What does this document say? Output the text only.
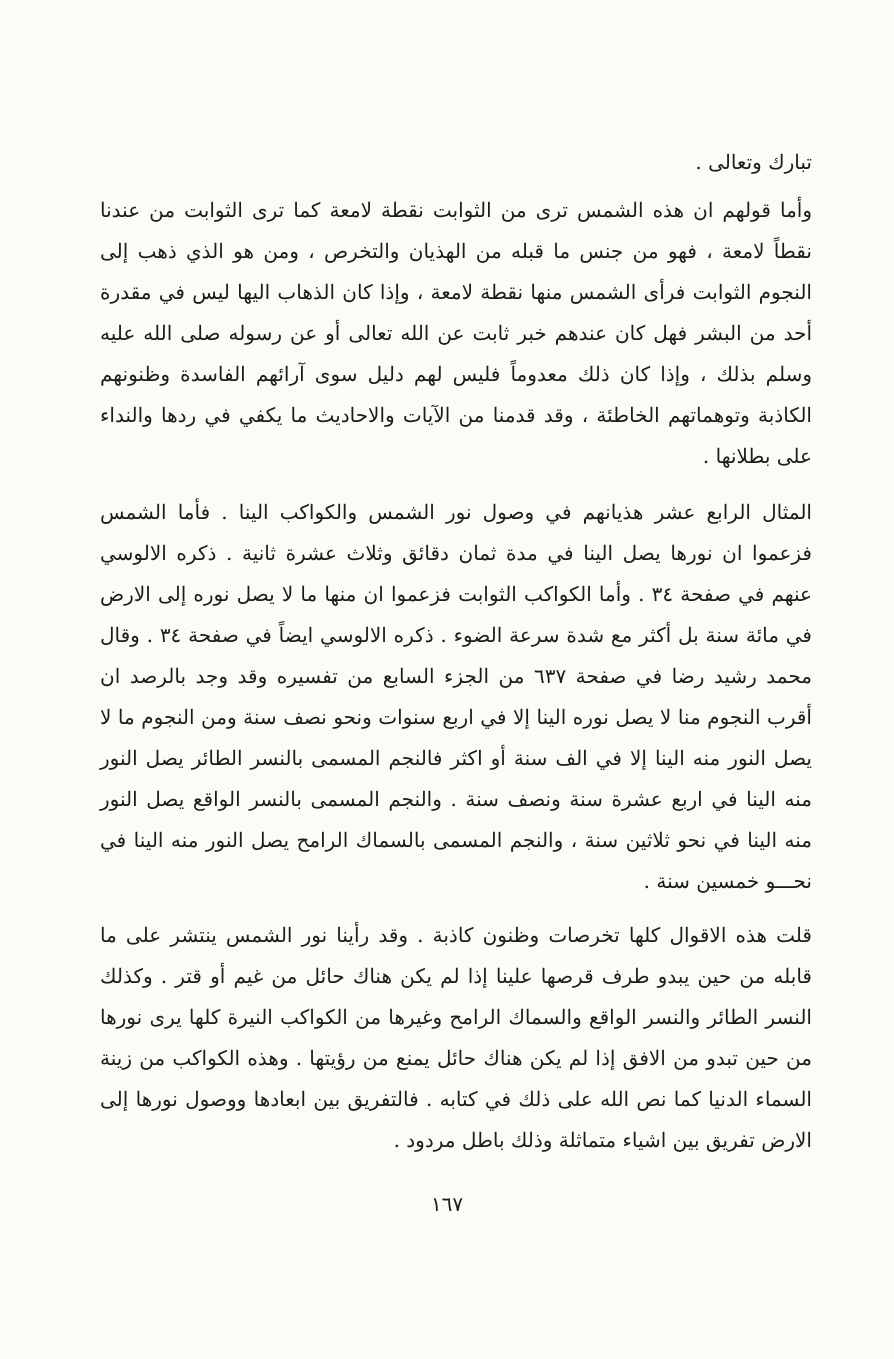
تبارك وتعالى .

وأما قولهم ان هذه الشمس ترى من الثوابت نقطة لامعة كما ترى الثوابت من عندنا نقطاً لامعة ، فهو من جنس ما قبله من الهذيان والتخرص ، ومن هو الذي ذهب إلى النجوم الثوابت فرأى الشمس منها نقطة لامعة ، وإذا كان الذهاب اليها ليس في مقدرة أحد من البشر فهل كان عندهم خبر ثابت عن الله تعالى أو عن رسوله صلى الله عليه وسلم بذلك ، وإذا كان ذلك معدوماً فليس لهم دليل سوى آرائهم الفاسدة وظنونهم الكاذبة وتوهماتهم الخاطئة ، وقد قدمنا من الآيات والاحاديث ما يكفي في ردها والنداء على بطلانها .

المثال الرابع عشر هذيانهم في وصول نور الشمس والكواكب الينا . فأما الشمس فزعموا ان نورها يصل الينا في مدة ثمان دقائق وثلاث عشرة ثانية . ذكره الالوسي عنهم في صفحة ٣٤ . وأما الكواكب الثوابت فزعموا ان منها ما لا يصل نوره إلى الارض في مائة سنة بل أكثر مع شدة سرعة الضوء . ذكره الالوسي ايضاً في صفحة ٣٤ . وقال محمد رشيد رضا في صفحة ٦٣٧ من الجزء السابع من تفسيره وقد وجد بالرصد ان أقرب النجوم منا لا يصل نوره الينا إلا في اربع سنوات ونحو نصف سنة ومن النجوم ما لا يصل النور منه الينا إلا في الف سنة أو اكثر فالنجم المسمى بالنسر الطائر يصل النور منه الينا في اربع عشرة سنة ونصف سنة . والنجم المسمى بالنسر الواقع يصل النور منه الينا في نحو ثلاثين سنة ، والنجم المسمى بالسماك الرامح يصل النور منه الينا في نحـــو خمسين سنة .

قلت هذه الاقوال كلها تخرصات وظنون كاذبة . وقد رأينا نور الشمس ينتشر على ما قابله من حين يبدو طرف قرصها علينا إذا لم يكن هناك حائل من غيم أو قتر . وكذلك النسر الطائر والنسر الواقع والسماك الرامح وغيرها من الكواكب النيرة كلها يرى نورها من حين تبدو من الافق إذا لم يكن هناك حائل يمنع من رؤيتها . وهذه الكواكب من زينة السماء الدنيا كما نص الله على ذلك في كتابه . فالتفريق بين ابعادها ووصول نورها إلى الارض تفريق بين اشياء متماثلة وذلك باطل مردود .

١٦٧
